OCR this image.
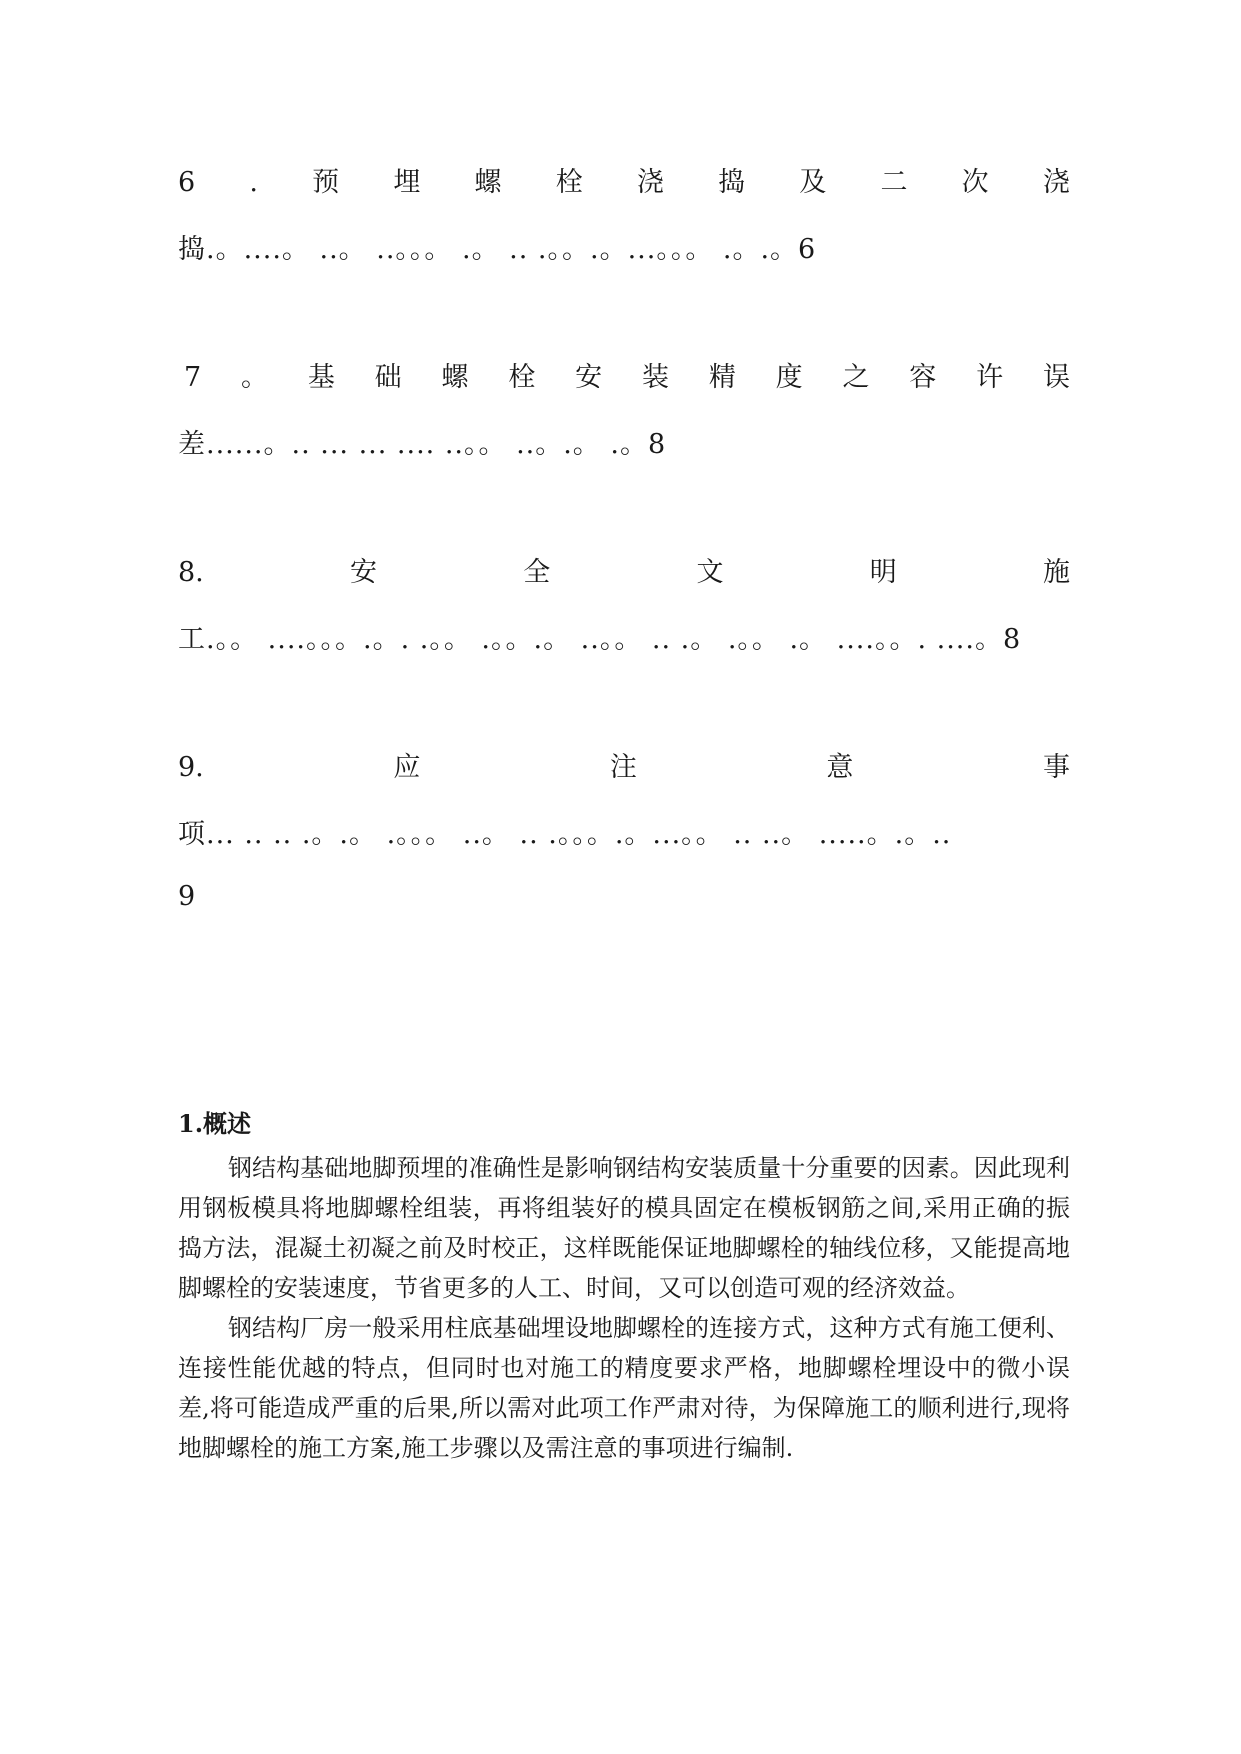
6 . 预 埋 螺 栓 浇 捣 及 二 次 浇
捣.。....。 ..。 ..。。。 .。 .. .。。.。...。。。 .。.。6
7 。 基 础 螺 栓 安 装 精 度 之 容 许 误
差......。.. ... ... .... ..。。 ..。.。 .。8
8.	安	全	文	明	施
工.。。 ....。。。.。. .。。 .。。.。 ..。。 .. .。 .。。 .。 ....。。. ....。8
9.	应	注	意	事
项... .. .. .。.。 .。。。 ..。 .. .。。。.。...。。 .. ..。 .....。.。..
9
1.概述

钢结构基础地脚预埋的准确性是影响钢结构安装质量十分重要的因素。因此现利用钢板模具将地脚螺栓组装，再将组装好的模具固定在模板钢筋之间,采用正确的振捣方法，混凝土初凝之前及时校正，这样既能保证地脚螺栓的轴线位移，又能提高地脚螺栓的安装速度，节省更多的人工、时间，又可以创造可观的经济效益。

钢结构厂房一般采用柱底基础埋设地脚螺栓的连接方式，这种方式有施工便利、连接性能优越的特点，但同时也对施工的精度要求严格，地脚螺栓埋设中的微小误差,将可能造成严重的后果,所以需对此项工作严肃对待，为保障施工的顺利进行,现将地脚螺栓的施工方案,施工步骤以及需注意的事项进行编制.
